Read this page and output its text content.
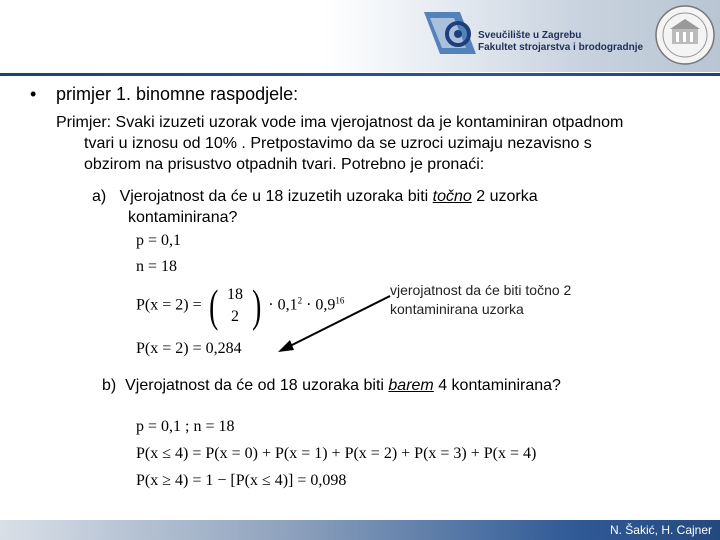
Sveučilište u Zagrebu
Fakultet strojarstva i brodogradnje
• primjer 1. binomne raspodjele:
Primjer: Svaki izuzeti uzorak vode ima vjerojatnost da je kontaminiran otpadnom
tvari u iznosu od 10% . Pretpostavimo da se uzroci uzimaju nezavisno s
obzirom na prisustvo otpadnih tvari. Potrebno je pronaći:
a) Vjerojatnost da će u 18 izuzetih uzoraka biti točno 2 uzorka
kontaminirana?
p = 0,1
n = 18
P(x = 2) = ( 18
2 ) · $0,1^2 \cdot 0,9^{16}$
P(x = 2) = 0,284
vjerojatnost da će biti točno 2 kontaminirana uzorka
b) Vjerojatnost da će od 18 uzoraka biti barem 4 kontaminirana?
p = 0,1 ; n = 18
P(x ≤ 4) = P(x = 0) + P(x = 1) + P(x = 2) + P(x = 3) + P(x = 4)
P(x ≥ 4) = 1 − [P(x ≤ 4)] = 0,098
N. Šakić, H. Cajner
